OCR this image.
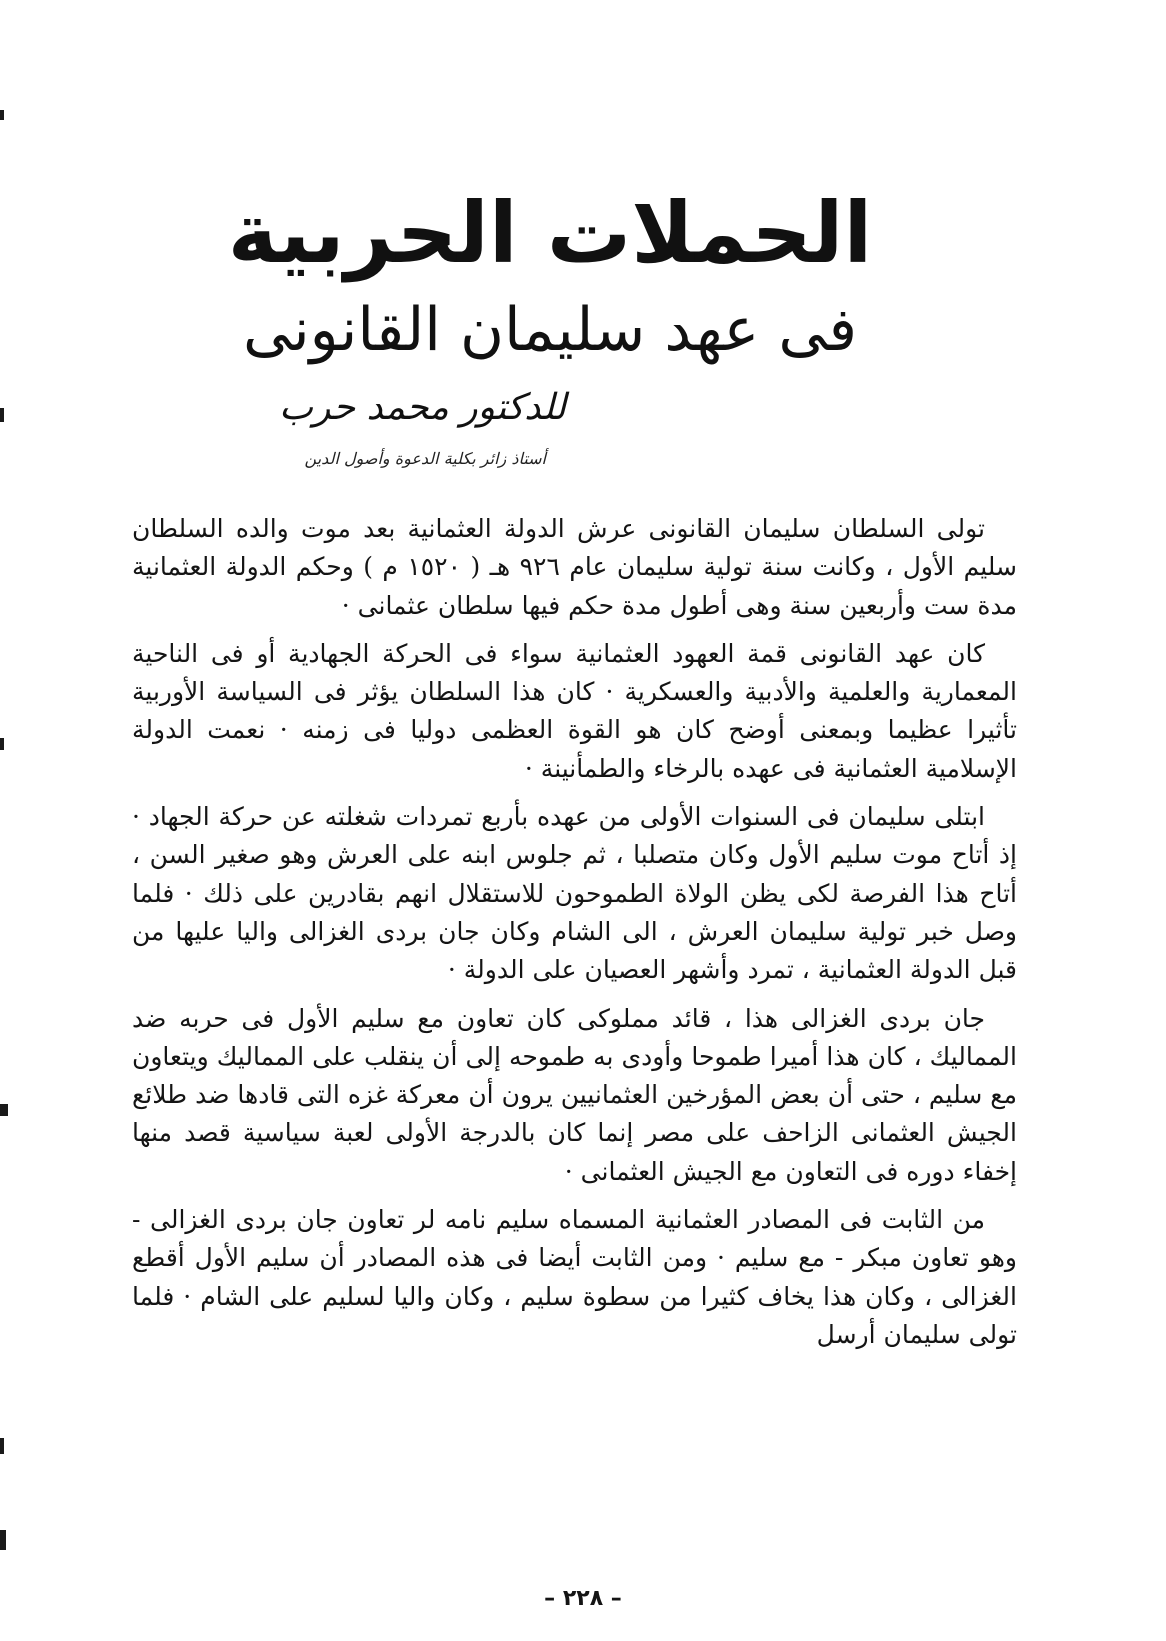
الحملات الحربية
فى عهد سليمان القانونى
للدكتور محمد حرب
أستاذ زائر بكلية الدعوة وأصول الدين

تولى السلطان سليمان القانونى عرش الدولة العثمانية بعد موت والده السلطان سليم الأول ، وكانت سنة تولية سليمان عام ٩٢٦ هـ ( ١٥٢٠ م ) وحكم الدولة العثمانية مدة ست وأربعين سنة وهى أطول مدة حكم فيها سلطان عثمانى ·

كان عهد القانونى قمة العهود العثمانية سواء فى الحركة الجهادية أو فى الناحية المعمارية والعلمية والأدبية والعسكرية · كان هذا السلطان يؤثر فى السياسة الأوربية تأثيرا عظيما وبمعنى أوضح كان هو القوة العظمى دوليا فى زمنه · نعمت الدولة الإسلامية العثمانية فى عهده بالرخاء والطمأنينة ·

ابتلى سليمان فى السنوات الأولى من عهده بأربع تمردات شغلته عن حركة الجهاد · إذ أتاح موت سليم الأول وكان متصلبا ، ثم جلوس ابنه على العرش وهو صغير السن ، أتاح هذا الفرصة لكى يظن الولاة الطموحون للاستقلال انهم بقادرين على ذلك · فلما وصل خبر تولية سليمان العرش ، الى الشام وكان جان بردى الغزالى واليا عليها من قبل الدولة العثمانية ، تمرد وأشهر العصيان على الدولة ·

جان بردى الغزالى هذا ، قائد مملوكى كان تعاون مع سليم الأول فى حربه ضد المماليك ، كان هذا أميرا طموحا وأودى به طموحه إلى أن ينقلب على المماليك ويتعاون مع سليم ، حتى أن بعض المؤرخين العثمانيين يرون أن معركة غزه التى قادها ضد طلائع الجيش العثمانى الزاحف على مصر إنما كان بالدرجة الأولى لعبة سياسية قصد منها إخفاء دوره فى التعاون مع الجيش العثمانى ·

من الثابت فى المصادر العثمانية المسماه سليم نامه لر تعاون جان بردى الغزالى - وهو تعاون مبكر - مع سليم · ومن الثابت أيضا فى هذه المصادر أن سليم الأول أقطع الغزالى ، وكان هذا يخاف كثيرا من سطوة سليم ، وكان واليا لسليم على الشام · فلما تولى سليمان أرسل

– ٢٢٨ –
